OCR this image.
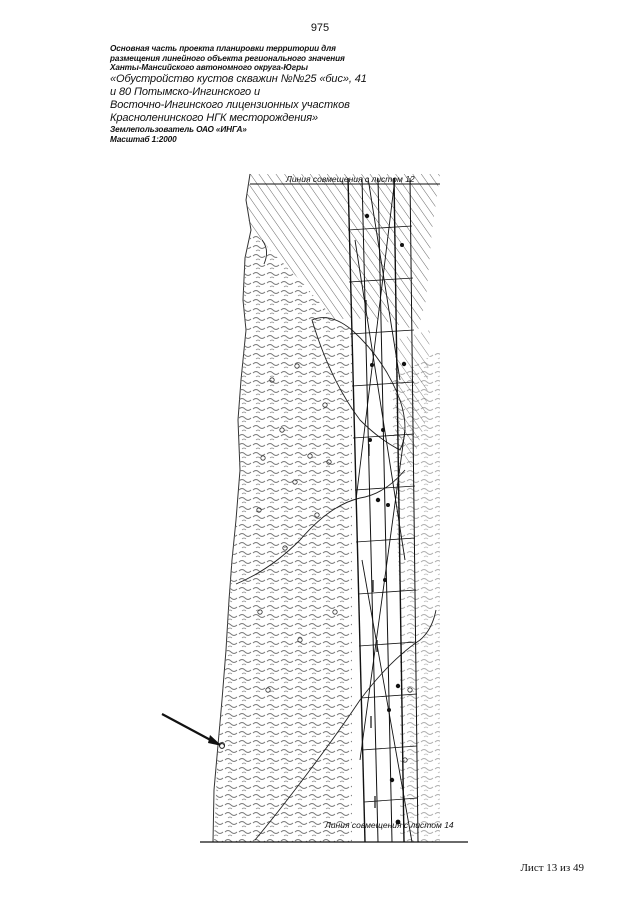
975
Основная часть проекта планировки территории для
размещения линейного объекта регионального значения
Ханты-Мансийского автономного округа-Югры
«Обустройство кустов скважин №№25 «бис», 41
и 80 Потымско-Ингинского и
Восточно-Ингинского лицензионных участков
Красноленинского НГК месторождения»
Землепользователь ОАО «ИНГА»
Масштаб 1:2000
Линия совмещения с листом 12
Линия совмещения с листом 14
Лист 13 из 49
